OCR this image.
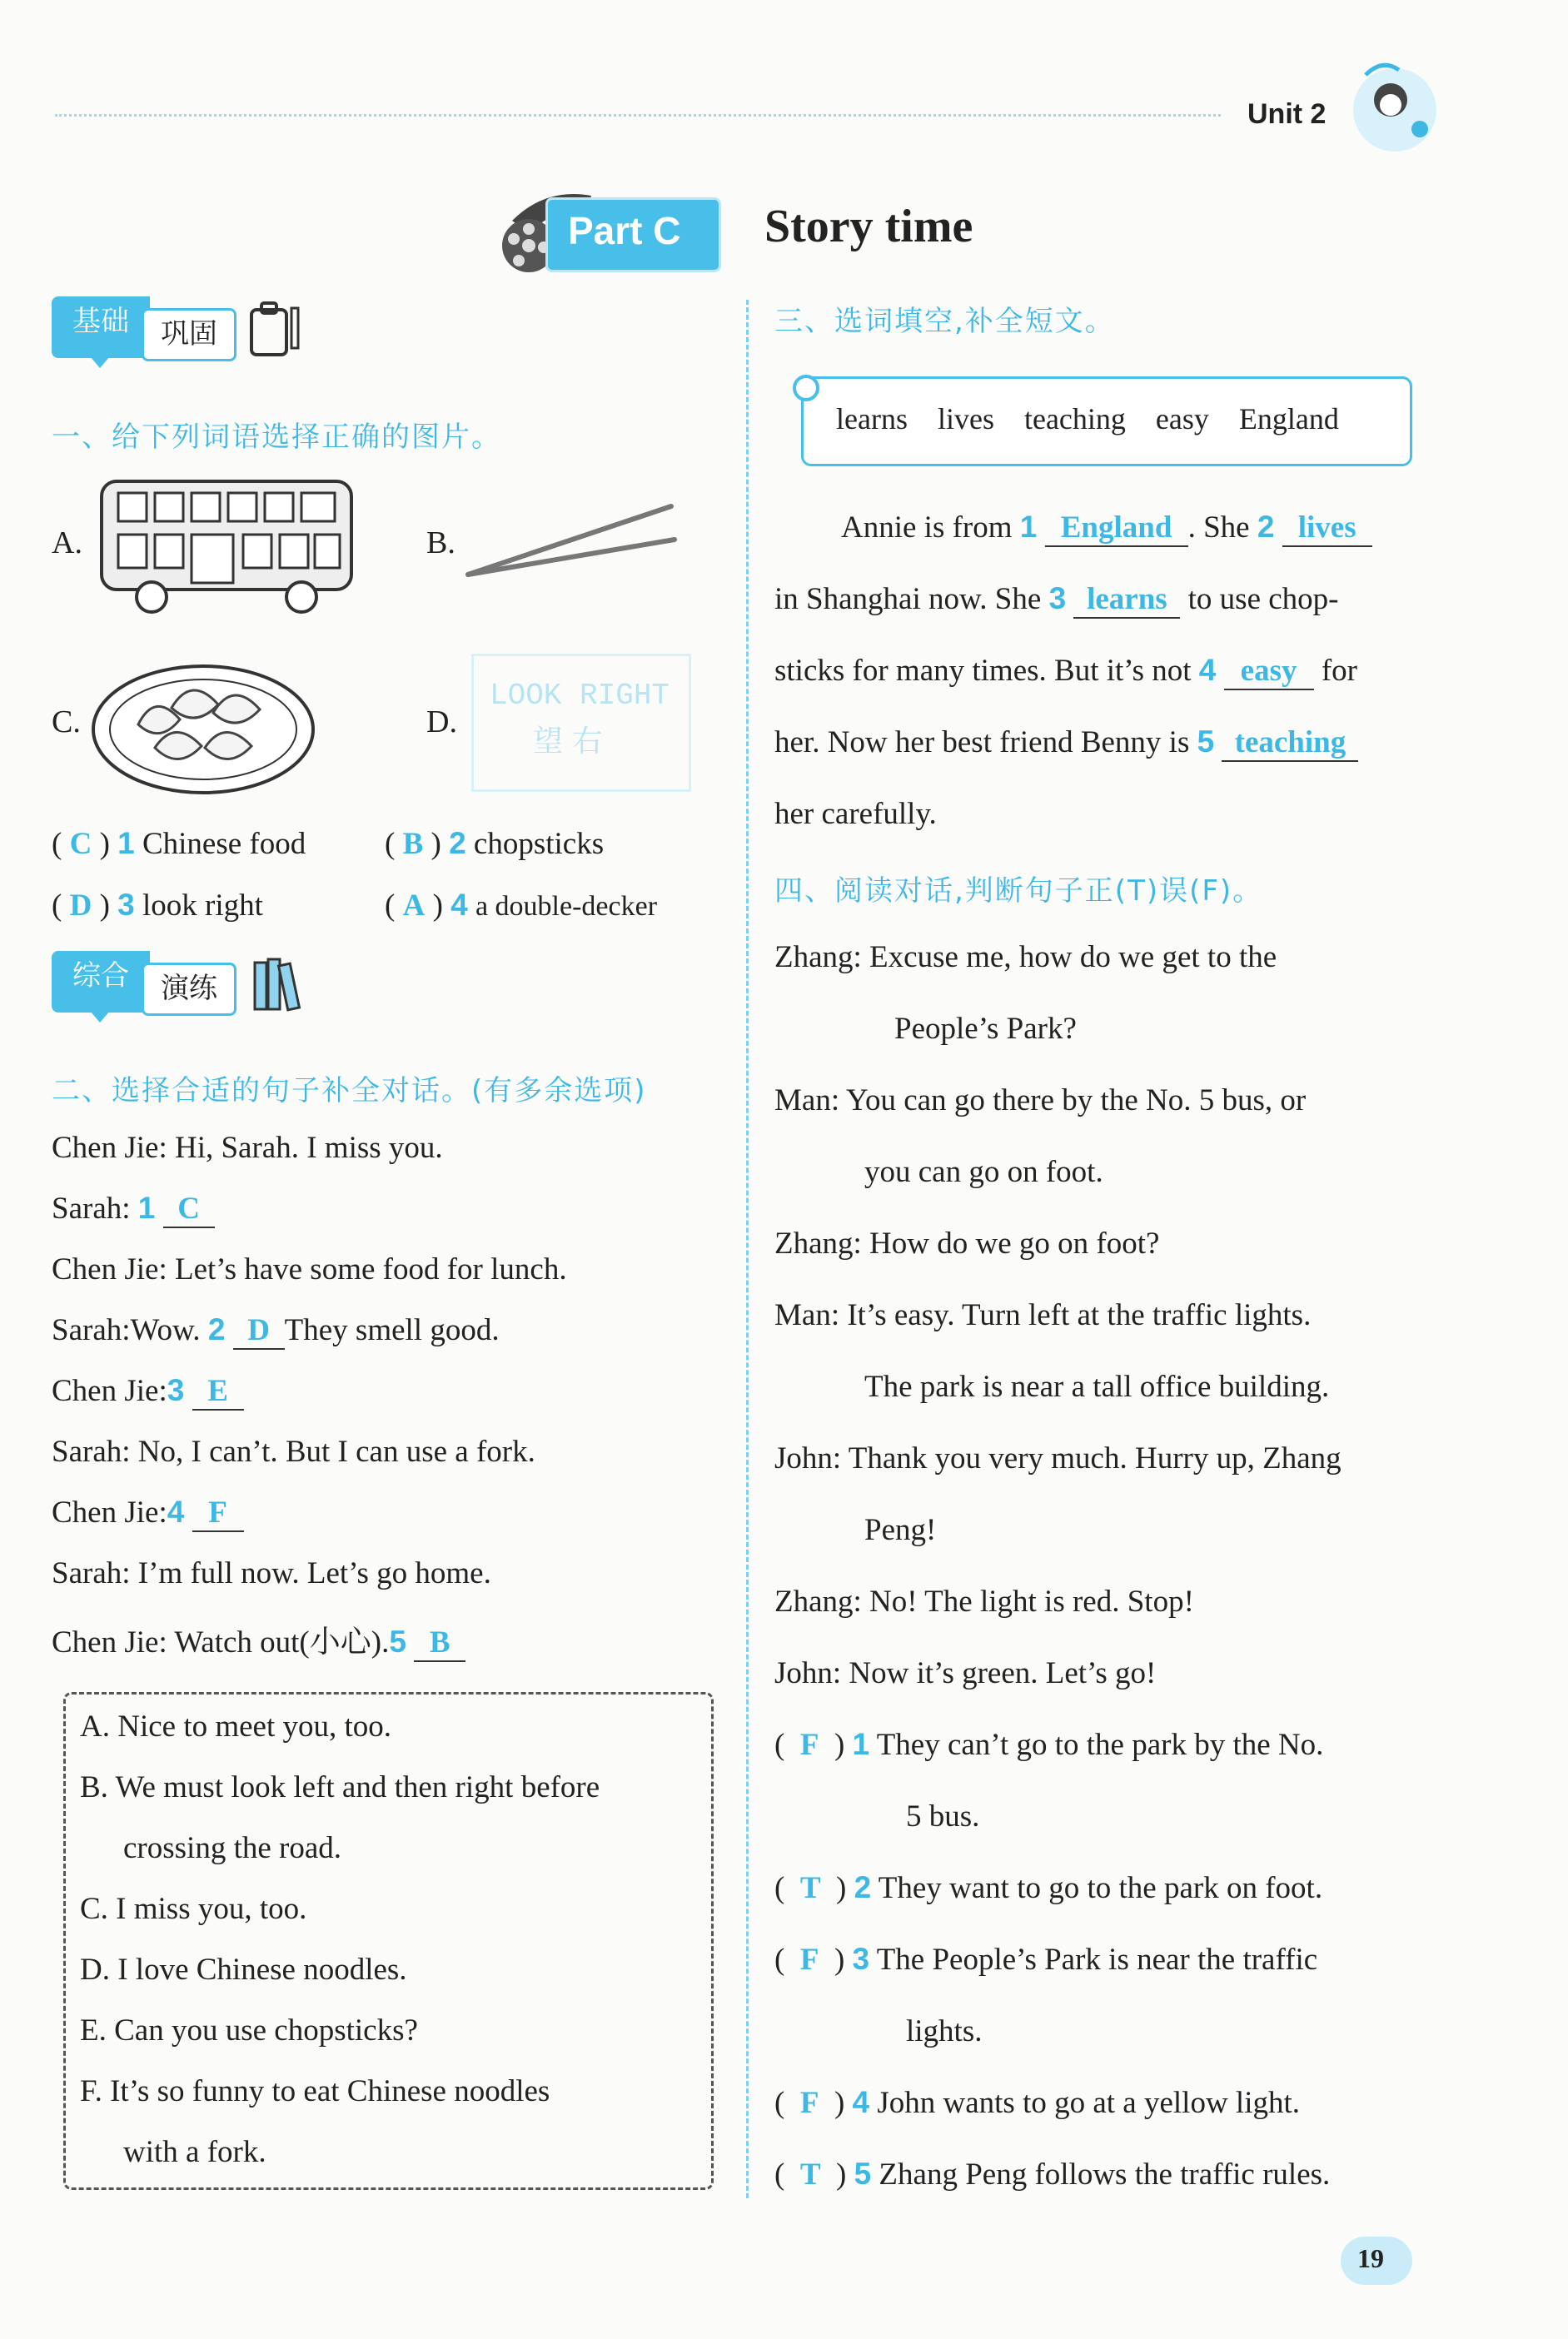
Unit 2
Part C Story time
基础	巩固
一、给下列词语选择正确的图片。
A.	B.
C.	D.
LOOK RIGHT
望 右
( C ) 1 Chinese food	( B ) 2 chopsticks
( D ) 3 look right	( A ) 4 a double-decker
综合	演练
二、选择合适的句子补全对话。(有多余选项)
Chen Jie: Hi, Sarah. I miss you.
Sarah: 1 C
Chen Jie: Let’s have some food for lunch.
Sarah:Wow. 2 D They smell good.
Chen Jie:3 E
Sarah: No, I can’t. But I can use a fork.
Chen Jie:4 F
Sarah: I’m full now. Let’s go home.
Chen Jie: Watch out(小心).5 B
A. Nice to meet you, too.
B. We must look left and then right before
crossing the road.
C. I miss you, too.
D. I love Chinese noodles.
E. Can you use chopsticks?
F. It’s so funny to eat Chinese noodles
with a fork.
三、选词填空,补全短文。
learns lives teaching easy England
Annie is from 1 England . She 2 lives
in Shanghai now. She 3 learns to use chop-
sticks for many times. But it’s not 4 easy for
her. Now her best friend Benny is 5 teaching
her carefully.
四、阅读对话,判断句子正(T)误(F)。
Zhang: Excuse me, how do we get to the
People’s Park?
Man: You can go there by the No. 5 bus, or
you can go on foot.
Zhang: How do we go on foot?
Man: It’s easy. Turn left at the traffic lights.
The park is near a tall office building.
John: Thank you very much. Hurry up, Zhang
Peng!
Zhang: No! The light is red. Stop!
John: Now it’s green. Let’s go!
(  F  ) 1 They can’t go to the park by the No.
5 bus.
(  T  ) 2 They want to go to the park on foot.
(  F  ) 3 The People’s Park is near the traffic
lights.
(  F  ) 4 John wants to go at a yellow light.
(  T  ) 5 Zhang Peng follows the traffic rules.
19
